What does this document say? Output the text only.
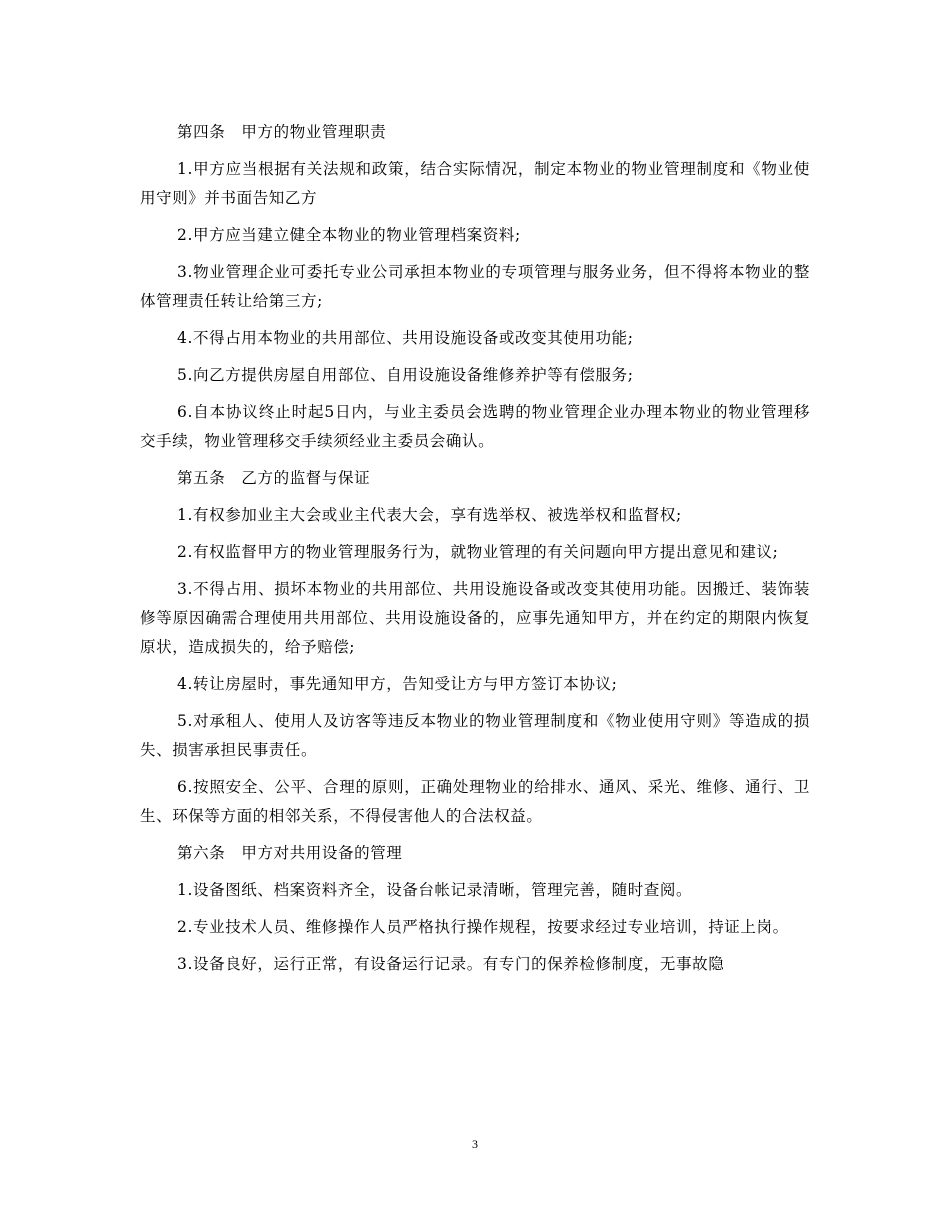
第四条　甲方的物业管理职责

1.甲方应当根据有关法规和政策，结合实际情况，制定本物业的物业管理制度和《物业使用守则》并书面告知乙方

2.甲方应当建立健全本物业的物业管理档案资料;

3.物业管理企业可委托专业公司承担本物业的专项管理与服务业务，但不得将本物业的整体管理责任转让给第三方;

4.不得占用本物业的共用部位、共用设施设备或改变其使用功能;

5.向乙方提供房屋自用部位、自用设施设备维修养护等有偿服务;

6.自本协议终止时起5日内，与业主委员会选聘的物业管理企业办理本物业的物业管理移交手续，物业管理移交手续须经业主委员会确认。

第五条　乙方的监督与保证

1.有权参加业主大会或业主代表大会，享有选举权、被选举权和监督权;

2.有权监督甲方的物业管理服务行为，就物业管理的有关问题向甲方提出意见和建议;

3.不得占用、损坏本物业的共用部位、共用设施设备或改变其使用功能。因搬迁、装饰装修等原因确需合理使用共用部位、共用设施设备的，应事先通知甲方，并在约定的期限内恢复原状，造成损失的，给予赔偿;

4.转让房屋时，事先通知甲方，告知受让方与甲方签订本协议;

5.对承租人、使用人及访客等违反本物业的物业管理制度和《物业使用守则》等造成的损失、损害承担民事责任。

6.按照安全、公平、合理的原则，正确处理物业的给排水、通风、采光、维修、通行、卫生、环保等方面的相邻关系，不得侵害他人的合法权益。

第六条　甲方对共用设备的管理

1.设备图纸、档案资料齐全，设备台帐记录清晰，管理完善，随时查阅。

2.专业技术人员、维修操作人员严格执行操作规程，按要求经过专业培训，持证上岗。

3.设备良好，运行正常，有设备运行记录。有专门的保养检修制度，无事故隐

3
